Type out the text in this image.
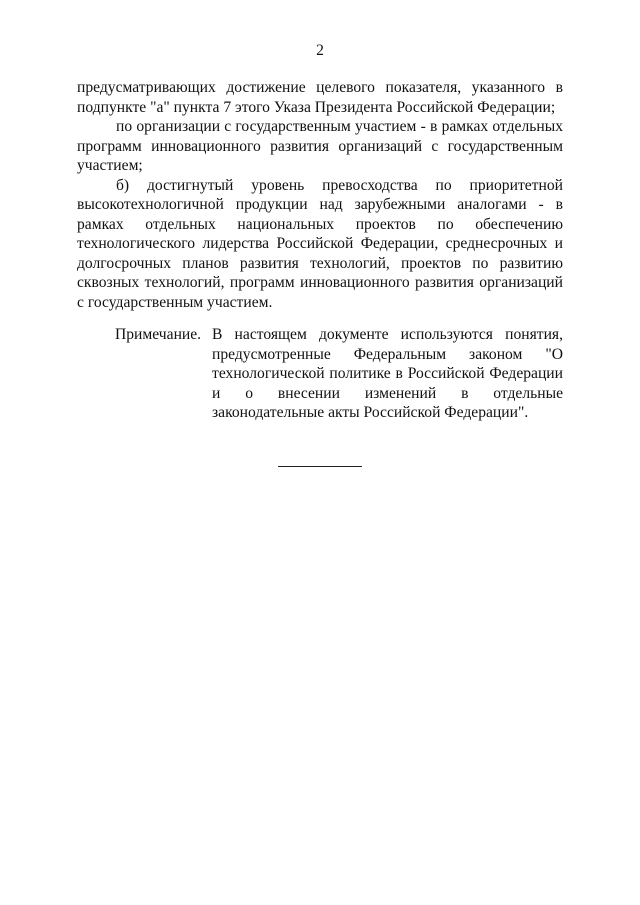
2

предусматривающих достижение целевого показателя, указанного в подпункте "а" пункта 7 этого Указа Президента Российской Федерации;

по организации с государственным участием - в рамках отдельных программ инновационного развития организаций с государственным участием;

б) достигнутый уровень превосходства по приоритетной высокотехнологичной продукции над зарубежными аналогами - в рамках отдельных национальных проектов по обеспечению технологического лидерства Российской Федерации, среднесрочных и долгосрочных планов развития технологий, проектов по развитию сквозных технологий, программ инновационного развития организаций с государственным участием.

Примечание. В настоящем документе используются понятия, предусмотренные Федеральным законом "О технологической политике в Российской Федерации и о внесении изменений в отдельные законодательные акты Российской Федерации".
